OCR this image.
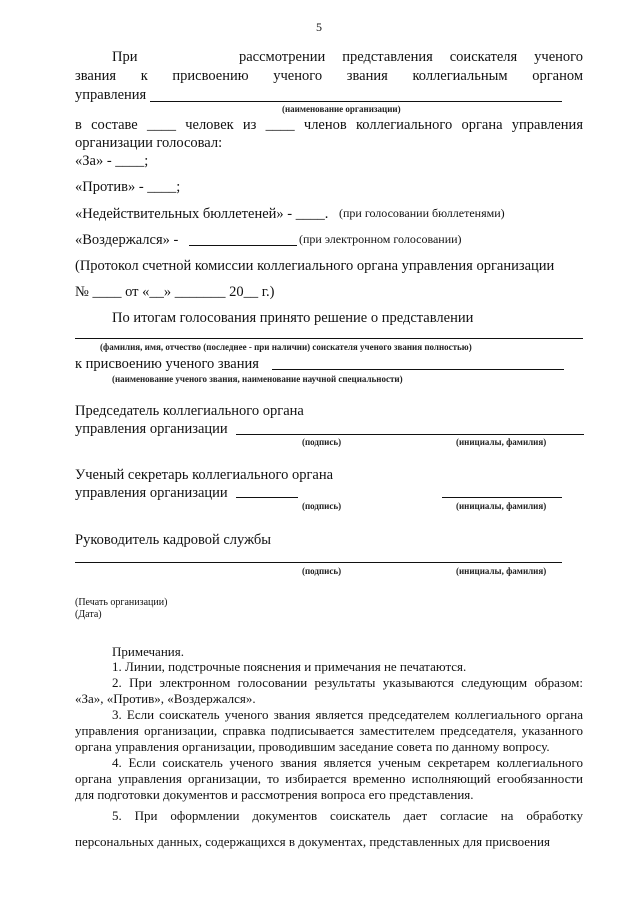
5
При	рассмотрении представления соискателя ученого
звания к присвоению ученого звания коллегиальным органом
управления
(наименование организации)
в составе ____ человек из ____ членов коллегиального органа управления
организации голосовал:
«За» - ____;
«Против» - ____;
«Недействительных бюллетеней» - ____. (при голосовании бюллетенями)
«Воздержался» -	(при электронном голосовании)
(Протокол счетной комиссии коллегиального органа управления организации
№ ____ от «__» _______ 20__ г.)
По итогам голосования принято решение о представлении
(фамилия, имя, отчество (последнее - при наличии) соискателя ученого звания полностью)
к присвоению ученого звания
(наименование ученого звания, наименование научной специальности)
Председатель коллегиального органа
управления организации
(подпись)	(инициалы, фамилия)
Ученый секретарь коллегиального органа
управления организации
(подпись)	(инициалы, фамилия)
Руководитель кадровой службы
(подпись)	(инициалы, фамилия)
(Печать организации)
(Дата)
Примечания.

1. Линии, подстрочные пояснения и примечания не печатаются.

2. При электронном голосовании результаты указываются следующим образом: «За», «Против», «Воздержался».

3. Если соискатель ученого звания является председателем коллегиального органа управления организации, справка подписывается заместителем председателя, указанного органа управления организации, проводившим заседание совета по данному вопросу.

4. Если соискатель ученого звания является ученым секретарем коллегиального органа управления организации, то избирается временно исполняющий егообязанности для подготовки документов и рассмотрения вопроса его представления.

5. При оформлении документов соискатель дает согласие на обработку персональных данных, содержащихся в документах, представленных для присвоения
